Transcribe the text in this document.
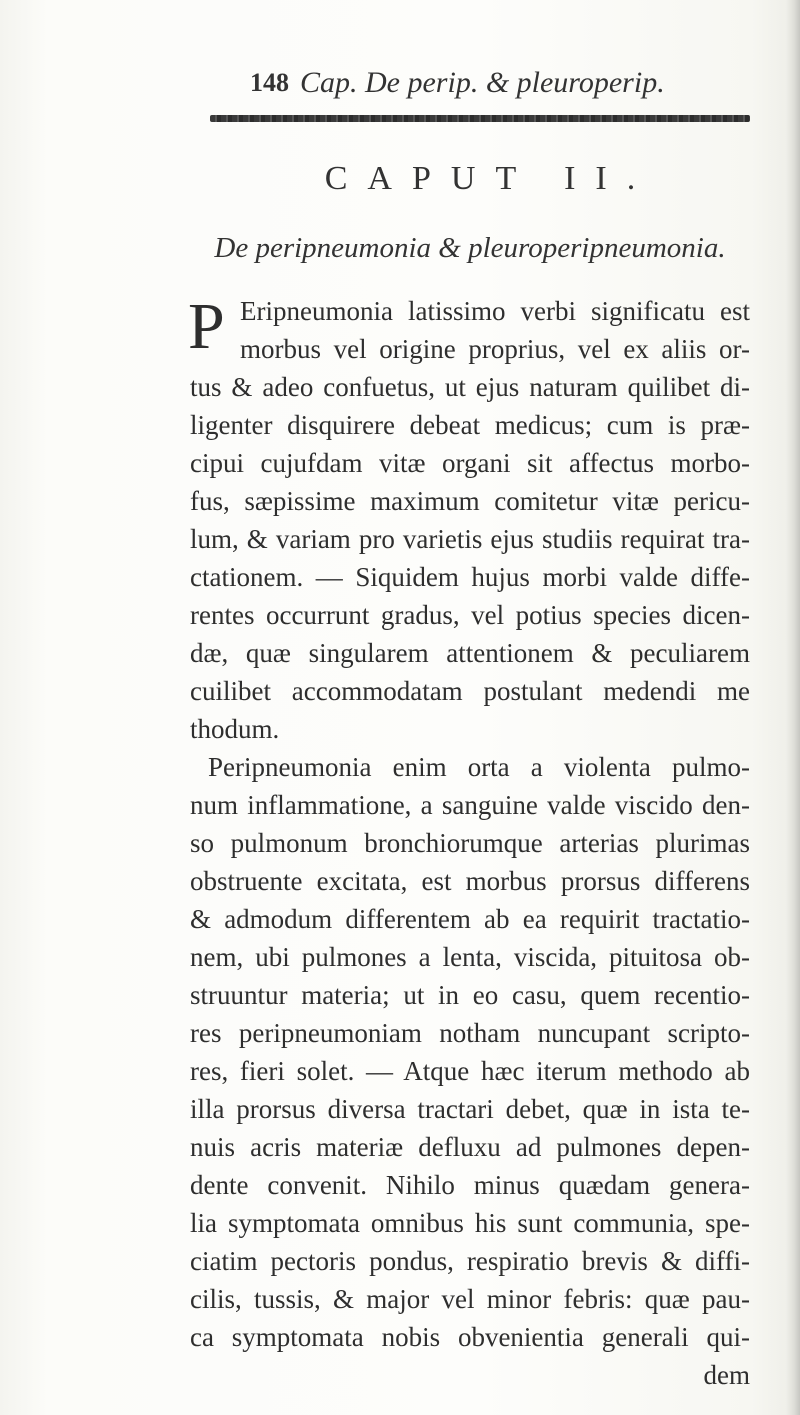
148 Cap. De perip. & pleuroperip.
CAPUT II.
De peripneumonia & pleuroperipneumonia.
P Eripneumonia latissimo verbi significatu est
morbus vel origine proprius, vel ex aliis or-
tus & adeo confuetus, ut ejus naturam quilibet di-
ligenter disquirere debeat medicus; cum is præ-
cipui cujufdam vitæ organi sit affectus morbo-
fus, sæpissime maximum comitetur vitæ pericu-
lum, & variam pro varietis ejus studiis requirat tra-
ctationem. — Siquidem hujus morbi valde diffe-
rentes occurrunt gradus, vel potius species dicen-
dæ, quæ singularem attentionem & peculiarem
cuilibet accommodatam postulant medendi me
thodum.
Peripneumonia enim orta a violenta pulmo-
num inflammatione, a sanguine valde viscido den-
so pulmonum bronchiorumque arterias plurimas
obstruente excitata, est morbus prorsus differens
& admodum differentem ab ea requirit tractatio-
nem, ubi pulmones a lenta, viscida, pituitosa ob-
struuntur materia; ut in eo casu, quem recentio-
res peripneumoniam notham nuncupant scripto-
res, fieri solet. — Atque hæc iterum methodo ab
illa prorsus diversa tractari debet, quæ in ista te-
nuis acris materiæ defluxu ad pulmones depen-
dente convenit. Nihilo minus quædam genera-
lia symptomata omnibus his sunt communia, spe-
ciatim pectoris pondus, respiratio brevis & diffi-
cilis, tussis, & major vel minor febris: quæ pau-
ca symptomata nobis obvenientia generali qui-
dem
